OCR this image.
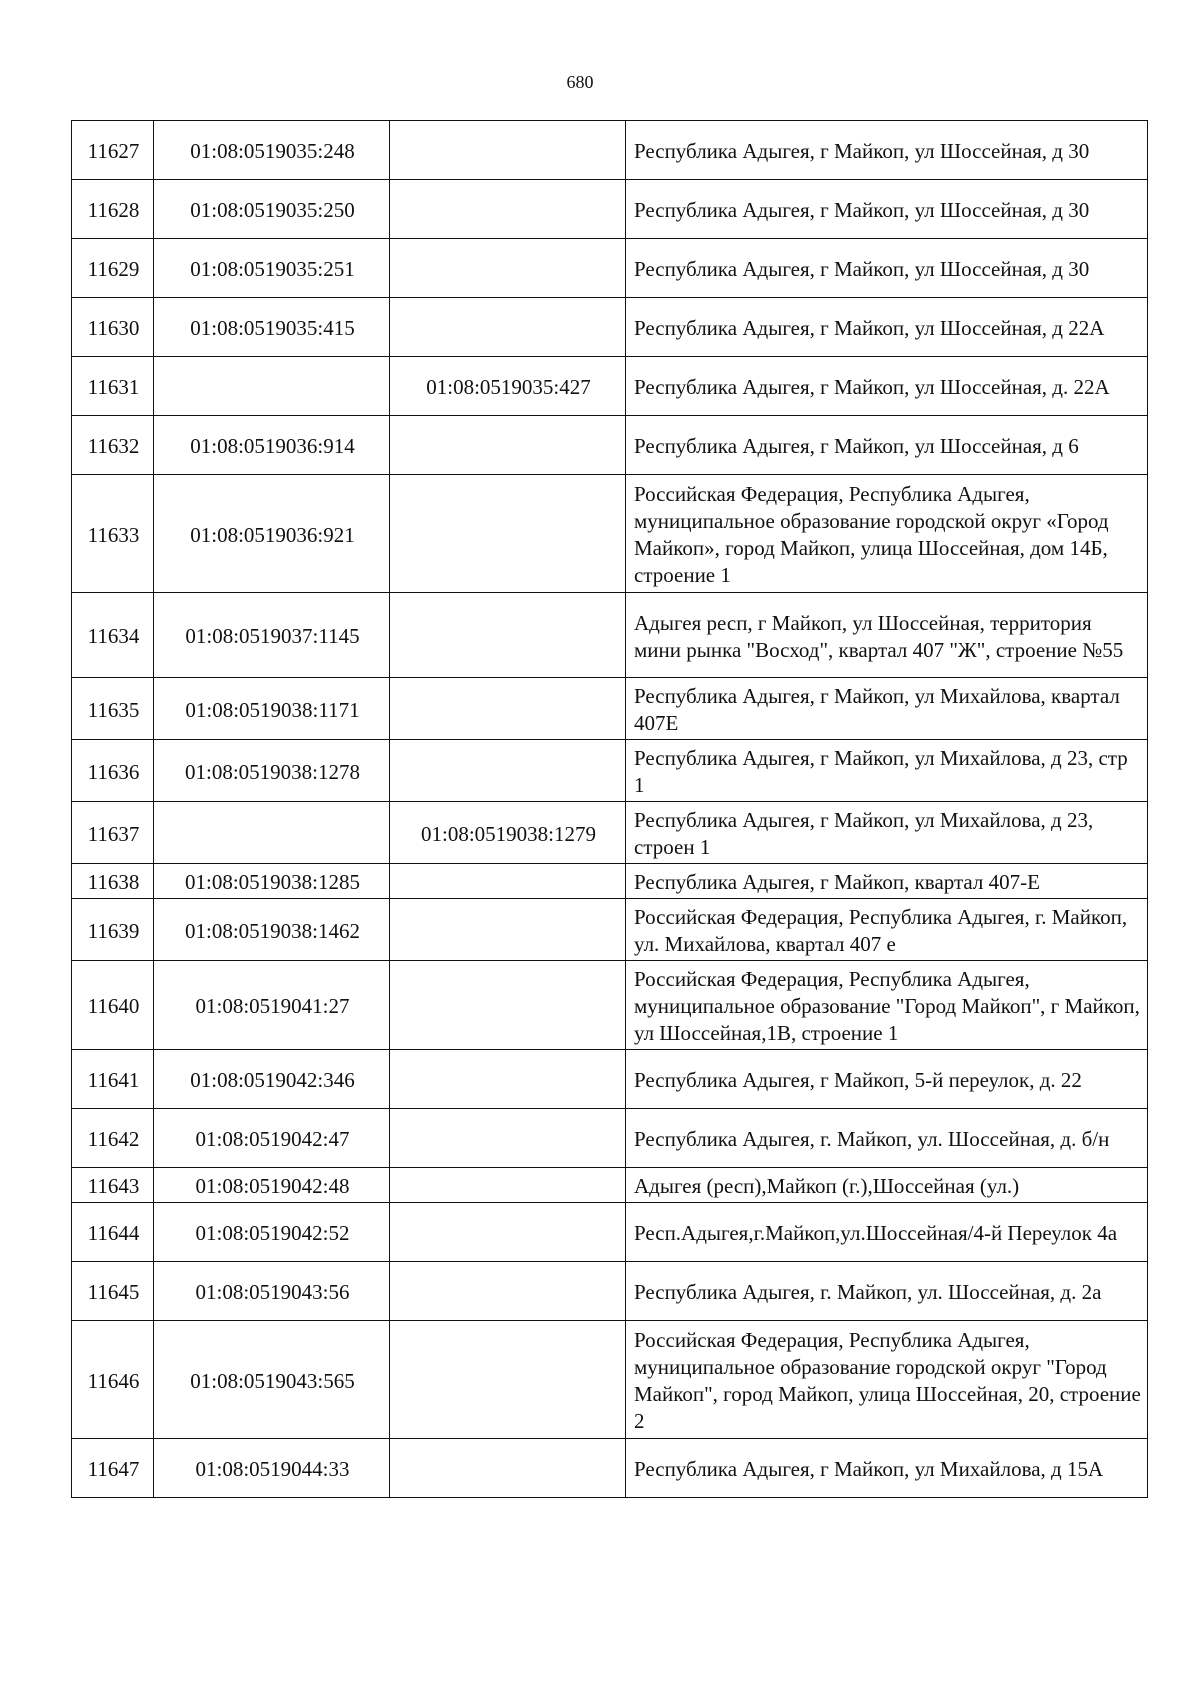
680
11627	01:08:0519035:248		Республика Адыгея, г Майкоп, ул Шоссейная, д 30
11628	01:08:0519035:250		Республика Адыгея, г Майкоп, ул Шоссейная, д 30
11629	01:08:0519035:251		Республика Адыгея, г Майкоп, ул Шоссейная, д 30
11630	01:08:0519035:415		Республика Адыгея, г Майкоп, ул Шоссейная, д 22А
11631		01:08:0519035:427	Республика Адыгея, г Майкоп, ул Шоссейная, д. 22А
11632	01:08:0519036:914		Республика Адыгея, г Майкоп, ул Шоссейная, д 6
11633	01:08:0519036:921		Российская Федерация, Республика Адыгея, муниципальное образование городской округ «Город Майкоп», город Майкоп, улица Шоссейная, дом 14Б, строение 1
11634	01:08:0519037:1145		Адыгея респ, г Майкоп, ул Шоссейная, территория мини рынка "Восход", квартал 407 "Ж", строение №55
11635	01:08:0519038:1171		Республика Адыгея, г Майкоп, ул Михайлова, квартал 407Е
11636	01:08:0519038:1278		Республика Адыгея, г Майкоп, ул Михайлова, д 23, стр 1
11637		01:08:0519038:1279	Республика Адыгея, г Майкоп, ул Михайлова, д 23, строен 1
11638	01:08:0519038:1285		Республика Адыгея, г Майкоп, квартал 407-Е
11639	01:08:0519038:1462		Российская Федерация, Республика Адыгея, г. Майкоп, ул. Михайлова, квартал 407 е
11640	01:08:0519041:27		Российская Федерация, Республика Адыгея, муниципальное образование "Город Майкоп", г Майкоп, ул Шоссейная,1В, строение 1
11641	01:08:0519042:346		Республика Адыгея, г Майкоп, 5-й переулок, д. 22
11642	01:08:0519042:47		Республика Адыгея, г. Майкоп, ул. Шоссейная, д. б/н
11643	01:08:0519042:48		Адыгея (респ),Майкоп (г.),Шоссейная (ул.)
11644	01:08:0519042:52		Респ.Адыгея,г.Майкоп,ул.Шоссейная/4-й Переулок 4а
11645	01:08:0519043:56		Республика Адыгея, г. Майкоп, ул. Шоссейная, д. 2а
11646	01:08:0519043:565		Российская Федерация, Республика Адыгея, муниципальное образование городской округ "Город Майкоп", город Майкоп, улица Шоссейная, 20, строение 2
11647	01:08:0519044:33		Республика Адыгея, г Майкоп, ул Михайлова, д 15А
